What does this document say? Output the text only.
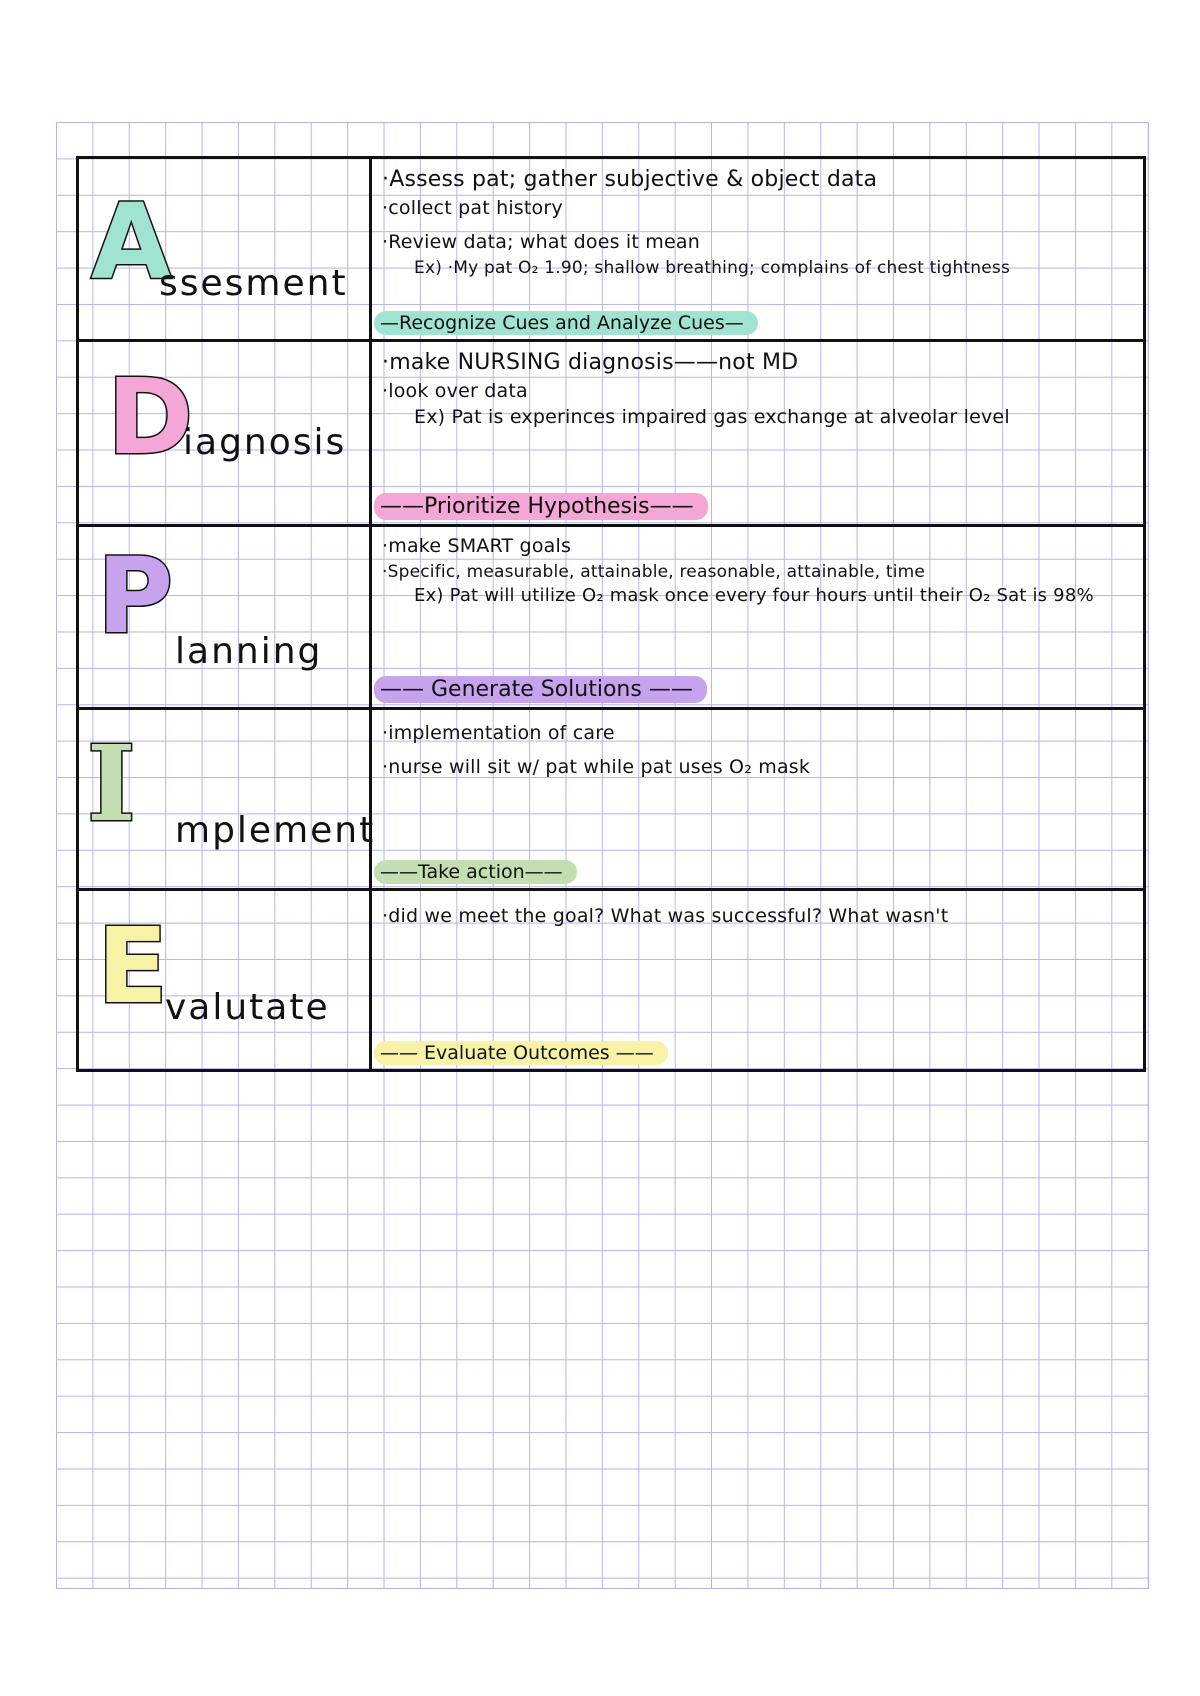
A
ssesment
·Assess pat; gather subjective & object data
·collect pat history
·Review data; what does it mean
Ex) ·My pat O₂ 1.90; shallow breathing; complains of chest tightness
—Recognize Cues and Analyze Cues—
D
iagnosis
·make NURSING diagnosis——not MD
·look over data
Ex) Pat is experinces impaired gas exchange at alveolar level
——Prioritize Hypothesis——
P lanning
·make SMART goals
·Specific, measurable, attainable, reasonable, attainable, time
Ex) Pat will utilize O₂ mask once every four hours until their O₂ Sat is 98%
—— Generate Solutions ——
I mplement
·implementation of care
·nurse will sit w/ pat while pat uses O₂ mask
——Take action——
E
valutate
·did we meet the goal? What was successful? What wasn't
—— Evaluate Outcomes ——
